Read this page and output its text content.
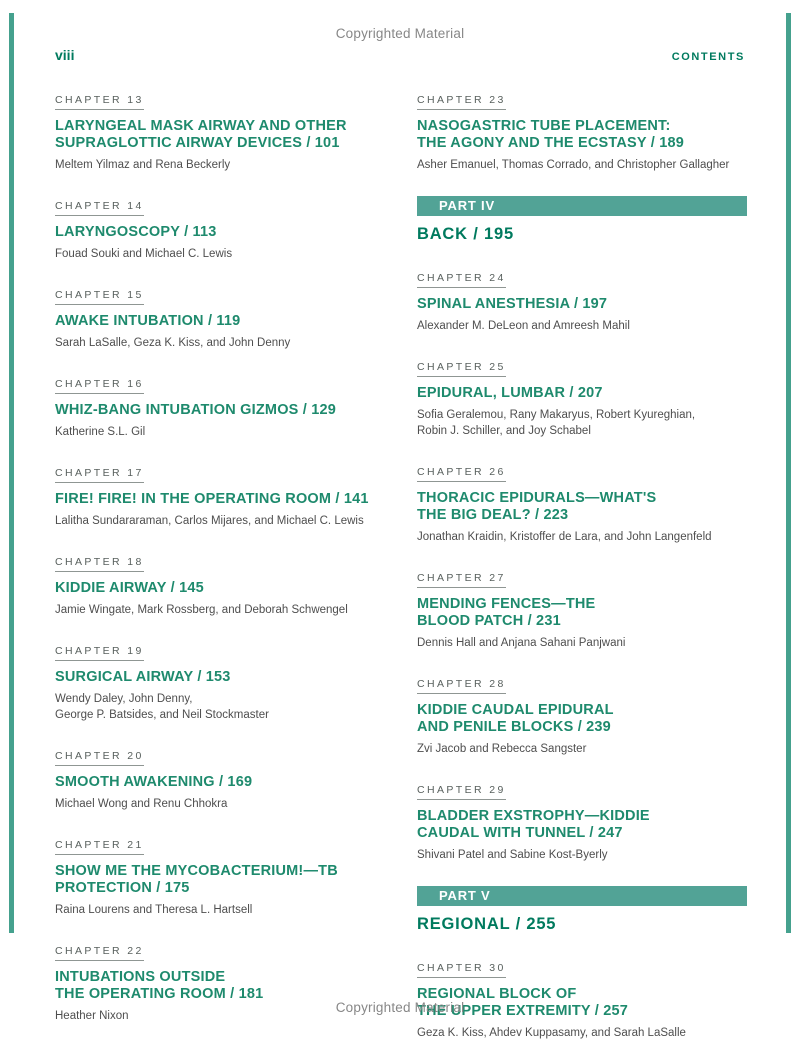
Copyrighted Material
viii	CONTENTS
CHAPTER 13
LARYNGEAL MASK AIRWAY AND OTHER
SUPRAGLOTTIC AIRWAY DEVICES / 101
Meltem Yilmaz and Rena Beckerly
CHAPTER 14
LARYNGOSCOPY / 113
Fouad Souki and Michael C. Lewis
CHAPTER 15
AWAKE INTUBATION / 119
Sarah LaSalle, Geza K. Kiss, and John Denny
CHAPTER 16
WHIZ-BANG INTUBATION GIZMOS / 129
Katherine S.L. Gil
CHAPTER 17
FIRE! FIRE! IN THE OPERATING ROOM / 141
Lalitha Sundararaman, Carlos Mijares, and Michael C. Lewis
CHAPTER 18
KIDDIE AIRWAY / 145
Jamie Wingate, Mark Rossberg, and Deborah Schwengel
CHAPTER 19
SURGICAL AIRWAY / 153
Wendy Daley, John Denny,
George P. Batsides, and Neil Stockmaster
CHAPTER 20
SMOOTH AWAKENING / 169
Michael Wong and Renu Chhokra
CHAPTER 21
SHOW ME THE MYCOBACTERIUM!—TB
PROTECTION / 175
Raina Lourens and Theresa L. Hartsell
CHAPTER 22
INTUBATIONS OUTSIDE
THE OPERATING ROOM / 181
Heather Nixon
CHAPTER 23
NASOGASTRIC TUBE PLACEMENT:
THE AGONY AND THE ECSTASY / 189
Asher Emanuel, Thomas Corrado, and Christopher Gallagher
PART IV
BACK / 195
CHAPTER 24
SPINAL ANESTHESIA / 197
Alexander M. DeLeon and Amreesh Mahil
CHAPTER 25
EPIDURAL, LUMBAR / 207
Sofia Geralemou, Rany Makaryus, Robert Kyureghian,
Robin J. Schiller, and Joy Schabel
CHAPTER 26
THORACIC EPIDURALS—WHAT'S
THE BIG DEAL? / 223
Jonathan Kraidin, Kristoffer de Lara, and John Langenfeld
CHAPTER 27
MENDING FENCES—THE
BLOOD PATCH / 231
Dennis Hall and Anjana Sahani Panjwani
CHAPTER 28
KIDDIE CAUDAL EPIDURAL
AND PENILE BLOCKS / 239
Zvi Jacob and Rebecca Sangster
CHAPTER 29
BLADDER EXSTROPHY—KIDDIE
CAUDAL WITH TUNNEL / 247
Shivani Patel and Sabine Kost-Byerly
PART V
REGIONAL / 255
CHAPTER 30
REGIONAL BLOCK OF
THE UPPER EXTREMITY / 257
Geza K. Kiss, Ahdev Kuppasamy, and Sarah LaSalle
Copyrighted Material
